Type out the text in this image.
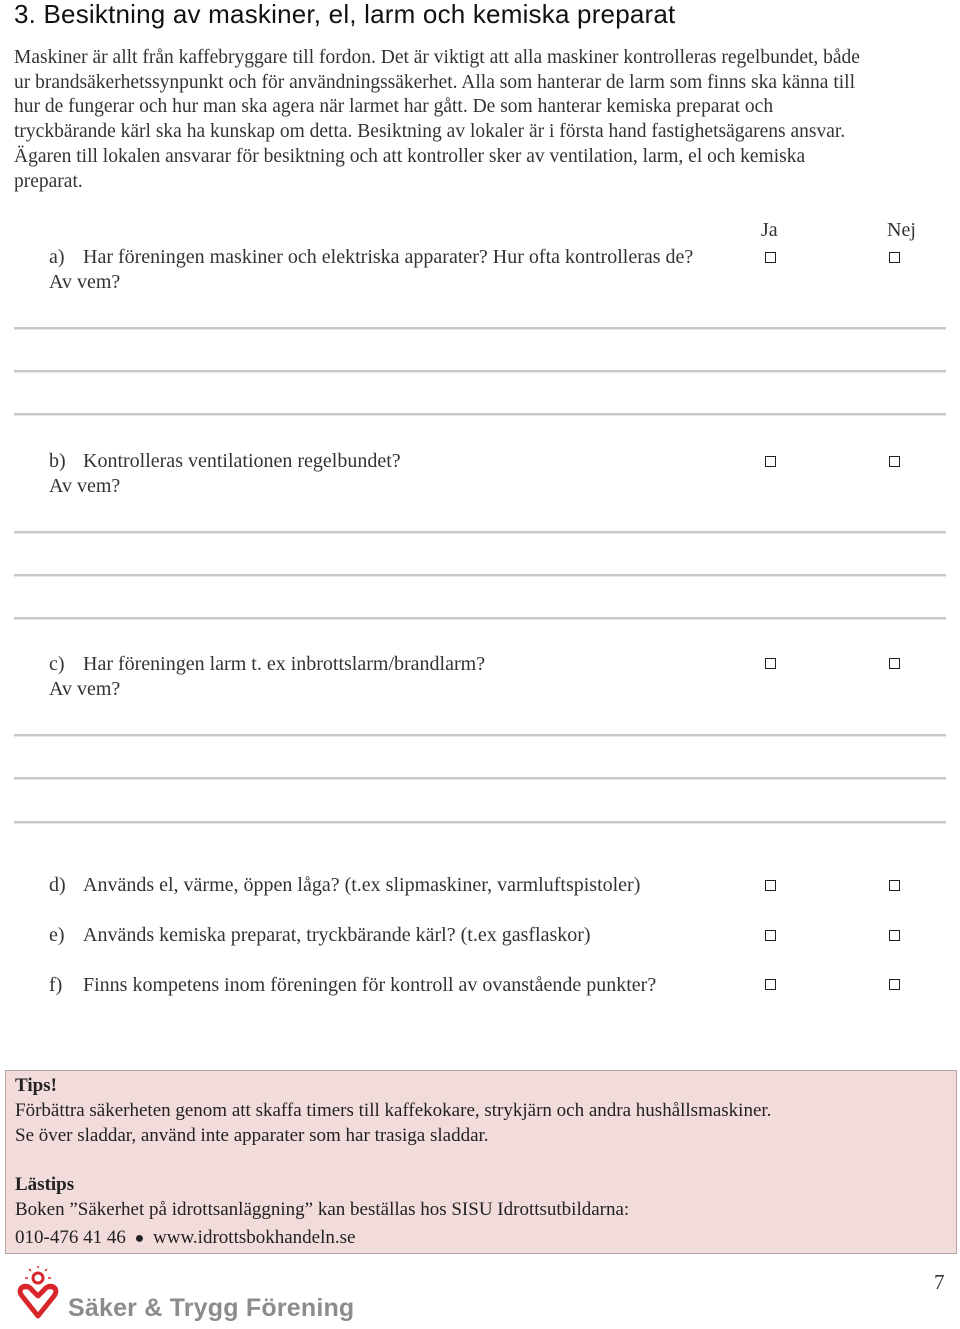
3. Besiktning av maskiner, el, larm och kemiska preparat
Maskiner är allt från kaffebryggare till fordon. Det är viktigt att alla maskiner kontrolleras regelbundet, både
ur brandsäkerhetssynpunkt och för användningssäkerhet. Alla som hanterar de larm som finns ska känna till
hur de fungerar och hur man ska agera när larmet har gått. De som hanterar kemiska preparat och
tryckbärande kärl ska ha kunskap om detta. Besiktning av lokaler är i första hand fastighetsägarens ansvar.
Ägaren till lokalen ansvarar för besiktning och att kontroller sker av ventilation, larm, el och kemiska
preparat.
Ja	Nej
a) Har föreningen maskiner och elektriska apparater? Hur ofta kontrolleras de?
Av vem?
b) Kontrolleras ventilationen regelbundet?
Av vem?
c) Har föreningen larm t. ex inbrottslarm/brandlarm?
Av vem?
d) Används el, värme, öppen låga? (t.ex slipmaskiner, varmluftspistoler)
e) Används kemiska preparat, tryckbärande kärl? (t.ex gasflaskor)
f) Finns kompetens inom föreningen för kontroll av ovanstående punkter?
Tips!
Förbättra säkerheten genom att skaffa timers till kaffekokare, strykjärn och andra hushållsmaskiner.
Se över sladdar, använd inte apparater som har trasiga sladdar.
Lästips
Boken ”Säkerhet på idrottsanläggning” kan beställas hos SISU Idrottsutbildarna:
010-476 41 46 ● www.idrottsbokhandeln.se
Säker & Trygg Förening
7
